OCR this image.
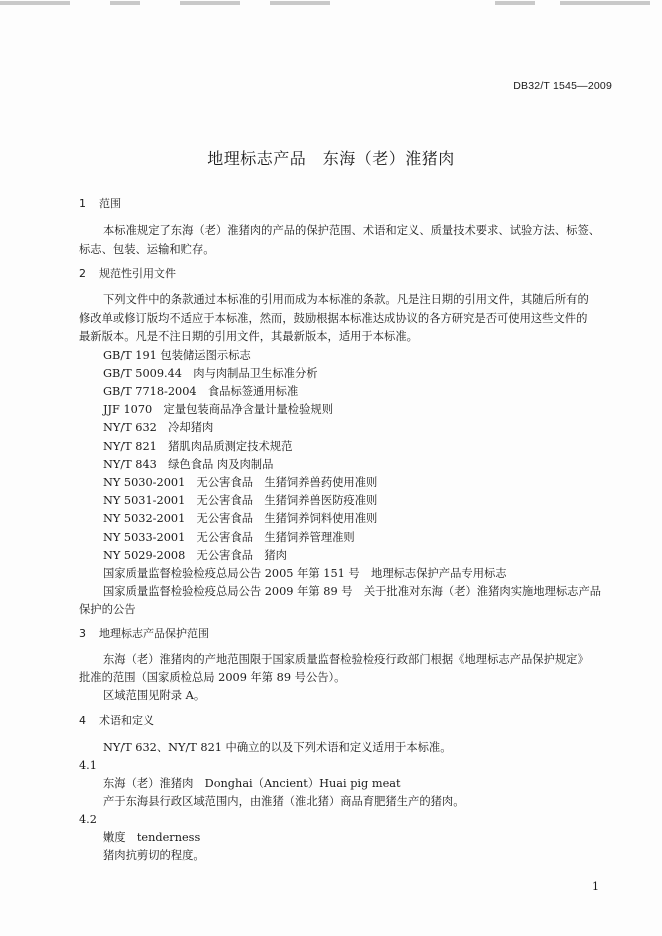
DB32/T 1545—2009
地理标志产品　东海（老）淮猪肉
1 范围
本标准规定了东海（老）淮猪肉的产品的保护范围、术语和定义、质量技术要求、试验方法、标签、
标志、包装、运输和贮存。
2 规范性引用文件
下列文件中的条款通过本标准的引用而成为本标准的条款。凡是注日期的引用文件，其随后所有的
修改单或修订版均不适应于本标准，然而，鼓励根据本标准达成协议的各方研究是否可使用这些文件的
最新版本。凡是不注日期的引用文件，其最新版本，适用于本标准。
GB/T 191 包装储运图示标志
GB/T 5009.44　肉与肉制品卫生标准分析
GB/T 7718-2004　食品标签通用标准
JJF 1070　定量包装商品净含量计量检验规则
NY/T 632　冷却猪肉
NY/T 821　猪肌肉品质测定技术规范
NY/T 843　绿色食品 肉及肉制品
NY 5030-2001　无公害食品　生猪饲养兽药使用准则
NY 5031-2001　无公害食品　生猪饲养兽医防疫准则
NY 5032-2001　无公害食品　生猪饲养饲料使用准则
NY 5033-2001　无公害食品　生猪饲养管理准则
NY 5029-2008　无公害食品　猪肉
国家质量监督检验检疫总局公告 2005 年第 151 号　地理标志保护产品专用标志
国家质量监督检验检疫总局公告 2009 年第 89 号　关于批准对东海（老）淮猪肉实施地理标志产品
保护的公告
3 地理标志产品保护范围
东海（老）淮猪肉的产地范围限于国家质量监督检验检疫行政部门根据《地理标志产品保护规定》
批准的范围（国家质检总局 2009 年第 89 号公告）。
区域范围见附录 A。
4 术语和定义
NY/T 632、NY/T 821 中确立的以及下列术语和定义适用于本标准。
4.1
东海（老）淮猪肉　Donghai（Ancient）Huai pig meat
产于东海县行政区域范围内，由淮猪（淮北猪）商品育肥猪生产的猪肉。
4.2
嫩度　tenderness
猪肉抗剪切的程度。
1
